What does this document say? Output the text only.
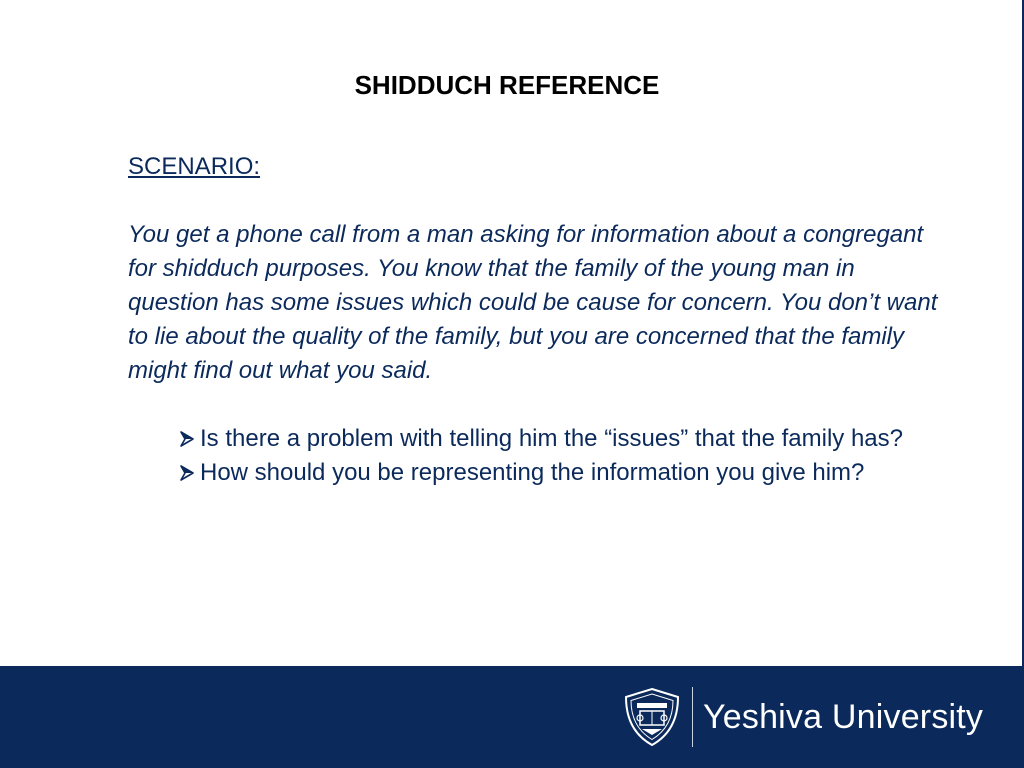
SHIDDUCH REFERENCE

SCENARIO:

You get a phone call from a man asking for information about a congregant for shidduch purposes. You know that the family of the young man in question has some issues which could be cause for concern. You don’t want to lie about the quality of the family, but you are concerned that the family might find out what you said.

Is there a problem with telling him the “issues” that the family has?
How should you be representing the information you give him?
Yeshiva University
